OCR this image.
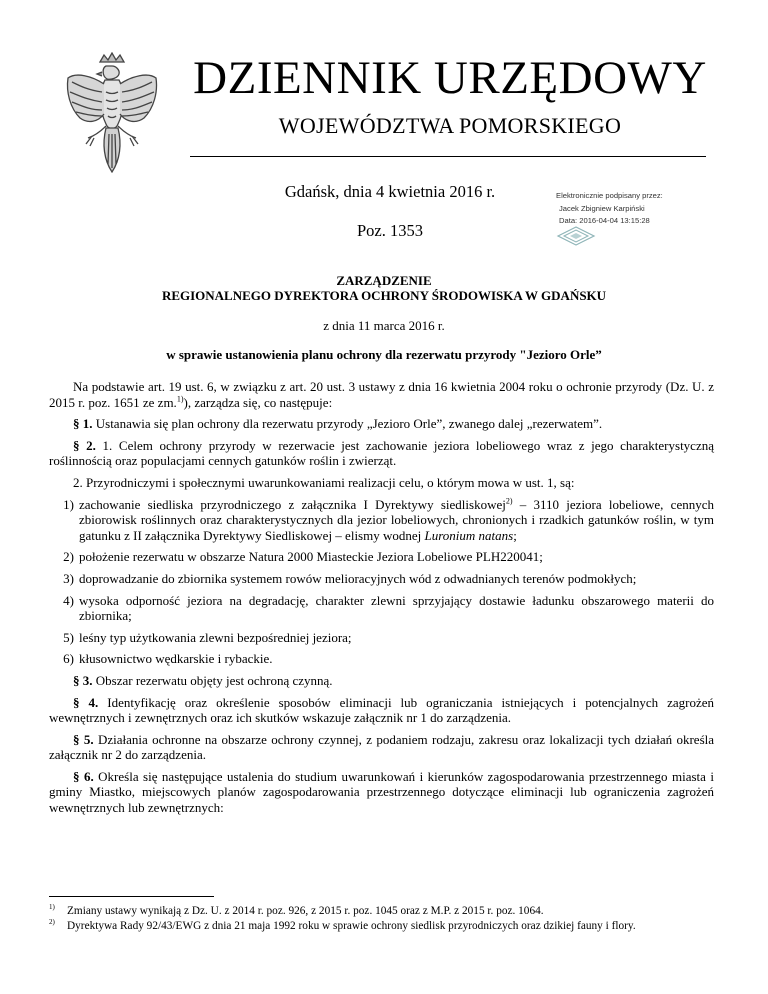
DZIENNIK URZĘDOWY
WOJEWÓDZTWA POMORSKIEGO
Gdańsk, dnia 4 kwietnia 2016 r.
Poz. 1353
Elektronicznie podpisany przez:
Jacek Zbigniew Karpiński
Data: 2016-04-04 13:15:28
ZARZĄDZENIE
REGIONALNEGO DYREKTORA OCHRONY ŚRODOWISKA W GDAŃSKU
z dnia 11 marca 2016 r.
w sprawie ustanowienia planu ochrony dla rezerwatu przyrody "Jezioro Orle”

Na podstawie art. 19 ust. 6, w związku z art. 20 ust. 3 ustawy z dnia 16 kwietnia 2004 roku o ochronie przyrody (Dz. U. z 2015 r. poz. 1651 ze zm.$^{1)}$), zarządza się, co następuje:

§ 1. Ustanawia się plan ochrony dla rezerwatu przyrody „Jezioro Orle”, zwanego dalej „rezerwatem”.

§ 2. 1. Celem ochrony przyrody w rezerwacie jest zachowanie jeziora lobeliowego wraz z jego charakterystyczną roślinnością oraz populacjami cennych gatunków roślin i zwierząt.

2. Przyrodniczymi i społecznymi uwarunkowaniami realizacji celu, o którym mowa w ust. 1, są:

1) zachowanie siedliska przyrodniczego z załącznika I Dyrektywy siedliskowej$^{2)}$ – 3110 jeziora lobeliowe, cennych zbiorowisk roślinnych oraz charakterystycznych dla jezior lobeliowych, chronionych i rzadkich gatunków roślin, w tym gatunku z II załącznika Dyrektywy Siedliskowej – elismy wodnej Luronium natans;
2) położenie rezerwatu w obszarze Natura 2000 Miasteckie Jeziora Lobeliowe PLH220041;
3) doprowadzanie do zbiornika systemem rowów melioracyjnych wód z odwadnianych terenów podmokłych;
4) wysoka odporność jeziora na degradację, charakter zlewni sprzyjający dostawie ładunku obszarowego materii do zbiornika;
5) leśny typ użytkowania zlewni bezpośredniej jeziora;
6) kłusownictwo wędkarskie i rybackie.

§ 3. Obszar rezerwatu objęty jest ochroną czynną.

§ 4. Identyfikację oraz określenie sposobów eliminacji lub ograniczania istniejących i potencjalnych zagrożeń wewnętrznych i zewnętrznych oraz ich skutków wskazuje załącznik nr 1 do zarządzenia.

§ 5. Działania ochronne na obszarze ochrony czynnej, z podaniem rodzaju, zakresu oraz lokalizacji tych działań określa załącznik nr 2 do zarządzenia.

§ 6. Określa się następujące ustalenia do studium uwarunkowań i kierunków zagospodarowania przestrzennego miasta i gminy Miastko, miejscowych planów zagospodarowania przestrzennego dotyczące eliminacji lub ograniczenia zagrożeń wewnętrznych lub zewnętrznych:

$^{1)}$	Zmiany ustawy wynikają z Dz. U. z 2014 r. poz. 926, z 2015 r. poz. 1045 oraz z M.P. z 2015 r. poz. 1064.
$^{2)}$	Dyrektywa Rady 92/43/EWG z dnia 21 maja 1992 roku w sprawie ochrony siedlisk przyrodniczych oraz dzikiej fauny i flory.
